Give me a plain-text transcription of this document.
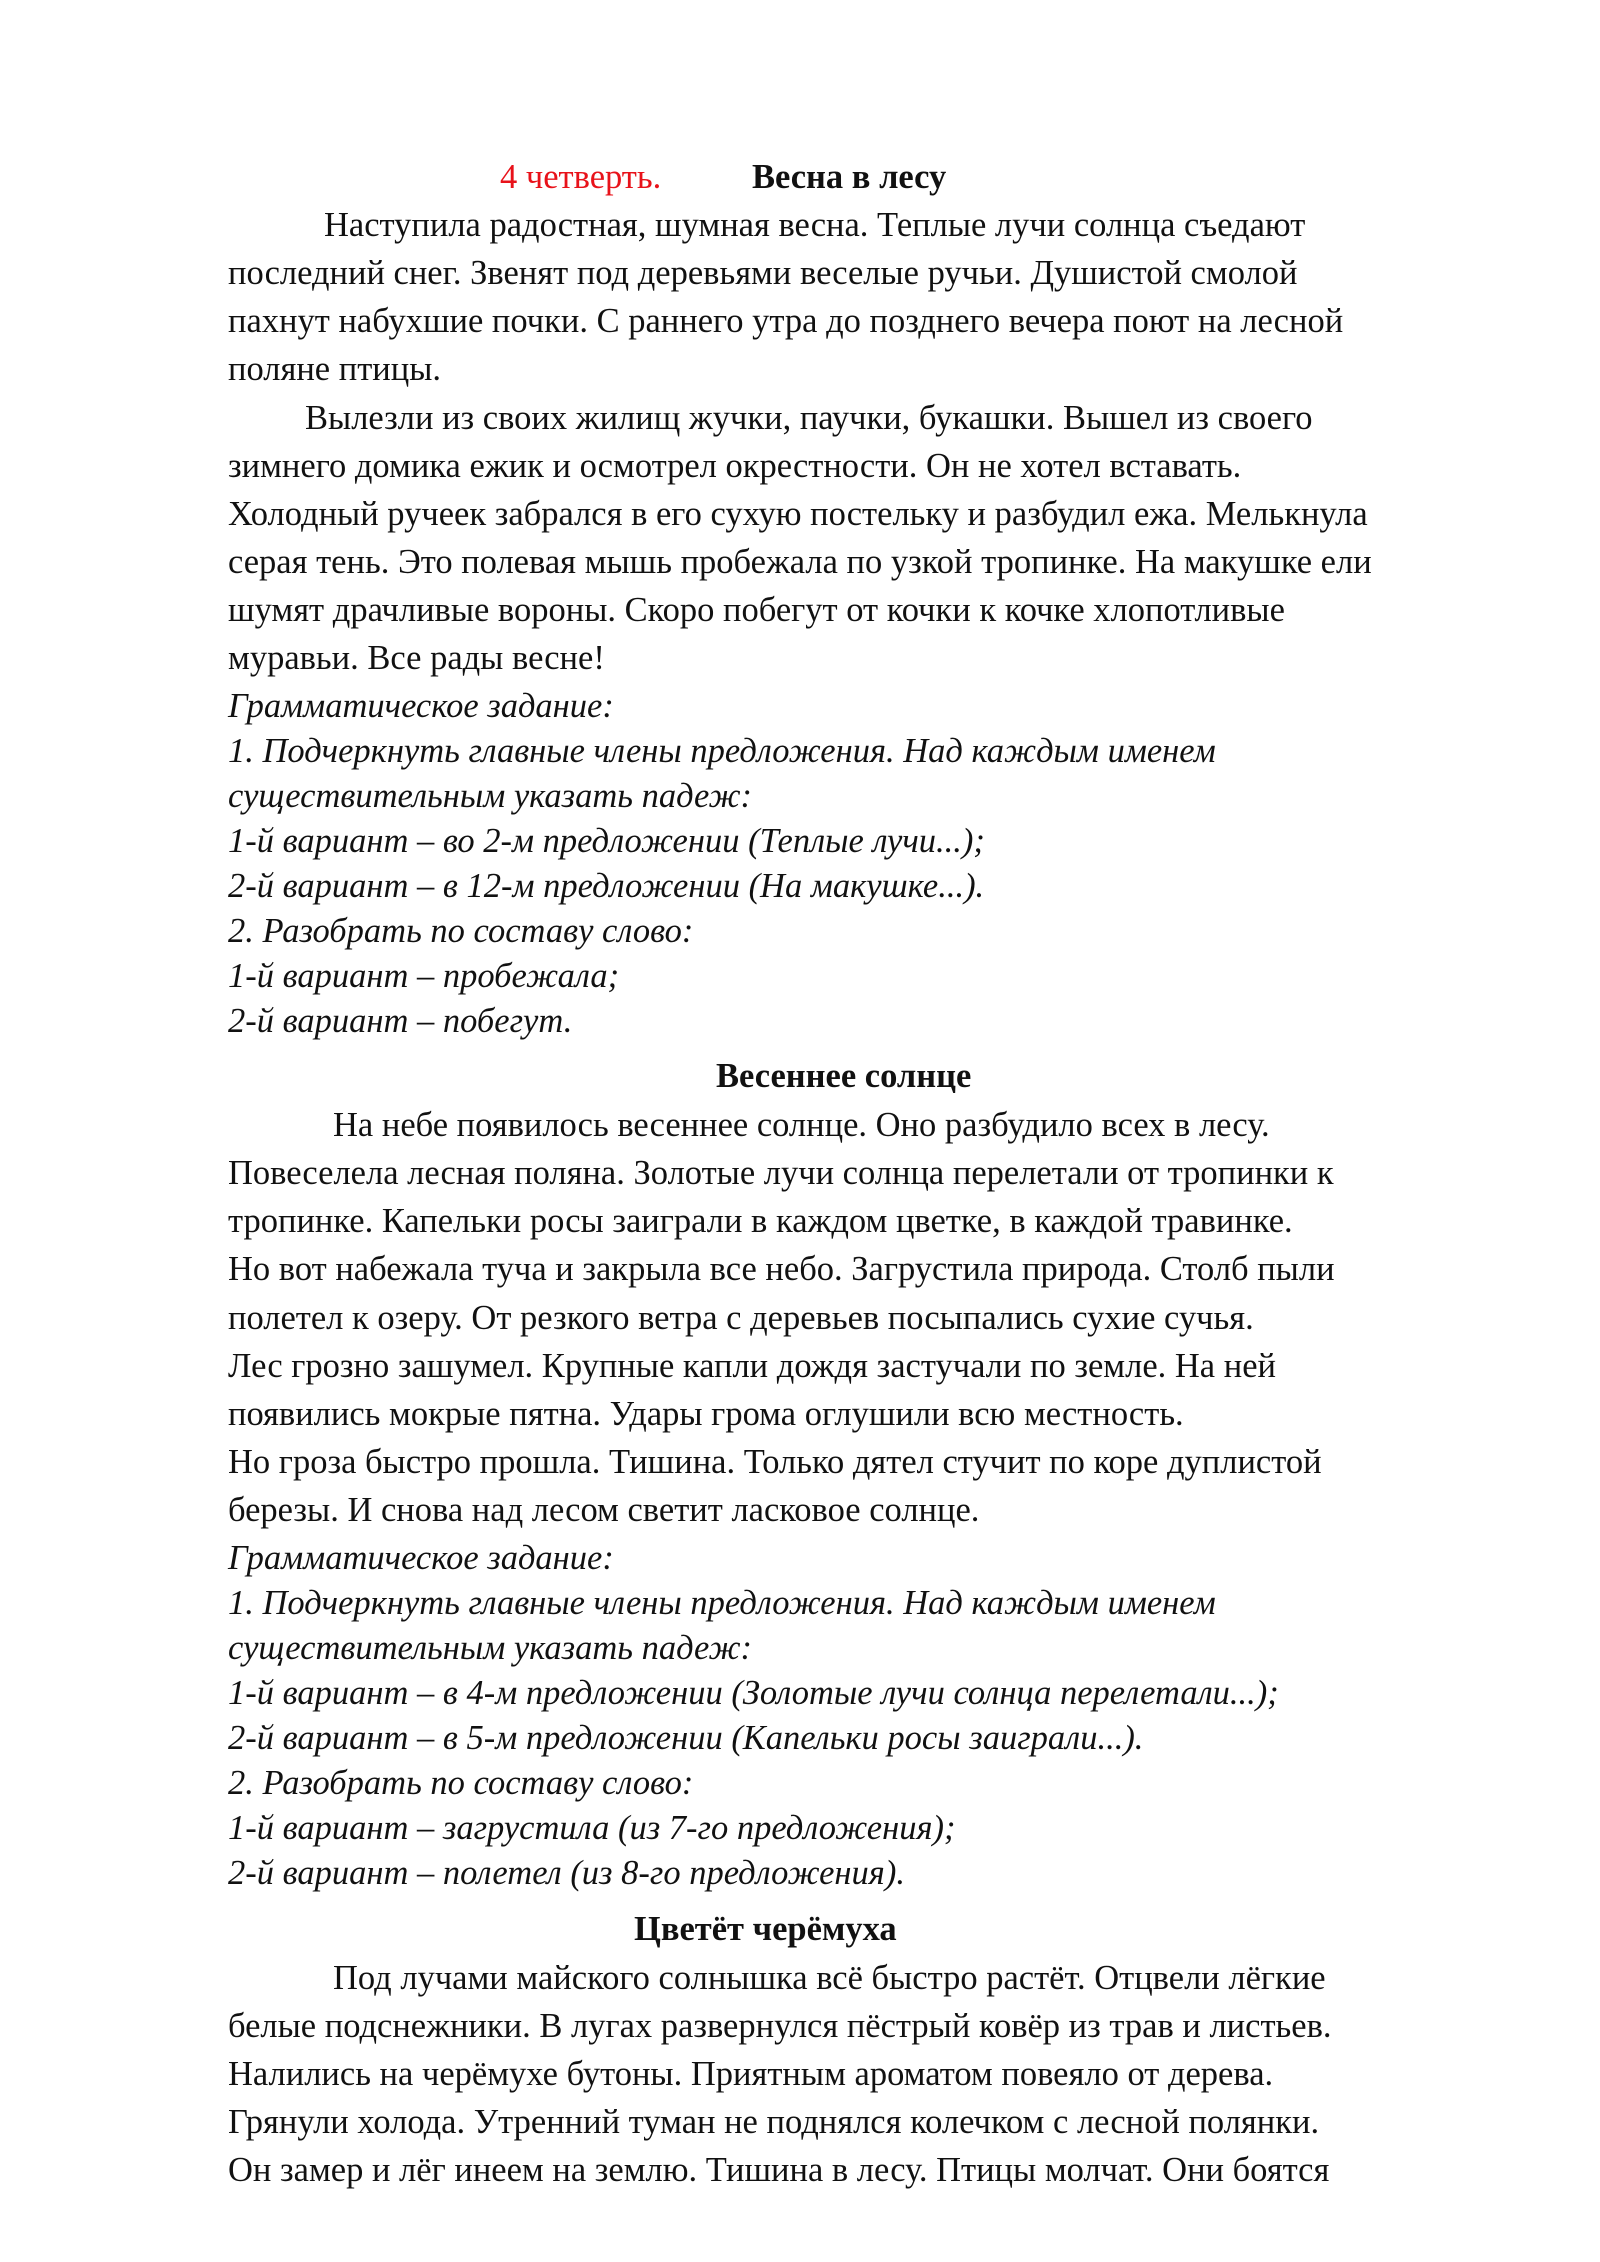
4 четверть.	Весна в лесу
Наступила радостная, шумная весна. Теплые лучи солнца съедают
последний снег. Звенят под деревьями веселые ручьи. Душистой смолой
пахнут набухшие почки. С раннего утра до позднего вечера поют на лесной
поляне птицы.
Вылезли из своих жилищ жучки, паучки, букашки. Вышел из своего
зимнего домика ежик и осмотрел окрестности. Он не хотел вставать.
Холодный ручеек забрался в его сухую постельку и разбудил ежа. Мелькнула
серая тень. Это полевая мышь пробежала по узкой тропинке. На макушке ели
шумят драчливые вороны. Скоро побегут от кочки к кочке хлопотливые
муравьи. Все рады весне!
Грамматическое задание:
1. Подчеркнуть главные члены предложения. Над каждым именем
существительным указать падеж:
1-й вариант – во 2-м предложении (Теплые лучи...);
2-й вариант – в 12-м предложении (На макушке...).
2. Разобрать по составу слово:
1-й вариант – пробежала;
2-й вариант – побегут.
Весеннее солнце
На небе появилось весеннее солнце. Оно разбудило всех в лесу.
Повеселела лесная поляна. Золотые лучи солнца перелетали от тропинки к
тропинке. Капельки росы заиграли в каждом цветке, в каждой травинке.
Но вот набежала туча и закрыла все небо. Загрустила природа. Столб пыли
полетел к озеру. От резкого ветра с деревьев посыпались сухие сучья.
Лес грозно зашумел. Крупные капли дождя застучали по земле. На ней
появились мокрые пятна. Удары грома оглушили всю местность.
Но гроза быстро прошла. Тишина. Только дятел стучит по коре дуплистой
березы. И снова над лесом светит ласковое солнце.
Грамматическое задание:
1. Подчеркнуть главные члены предложения. Над каждым именем
существительным указать падеж:
1-й вариант – в 4-м предложении (Золотые лучи солнца перелетали...);
2-й вариант – в 5-м предложении (Капельки росы заиграли...).
2. Разобрать по составу слово:
1-й вариант – загрустила (из 7-го предложения);
2-й вариант – полетел (из 8-го предложения).
Цветёт черёмуха
Под лучами майского солнышка всё быстро растёт. Отцвели лёгкие
белые подснежники. В лугах развернулся пёстрый ковёр из трав и листьев.
Налились на черёмухе бутоны. Приятным ароматом повеяло от дерева.
Грянули холода. Утренний туман не поднялся колечком с лесной полянки.
Он замер и лёг инеем на землю. Тишина в лесу. Птицы молчат. Они боятся
